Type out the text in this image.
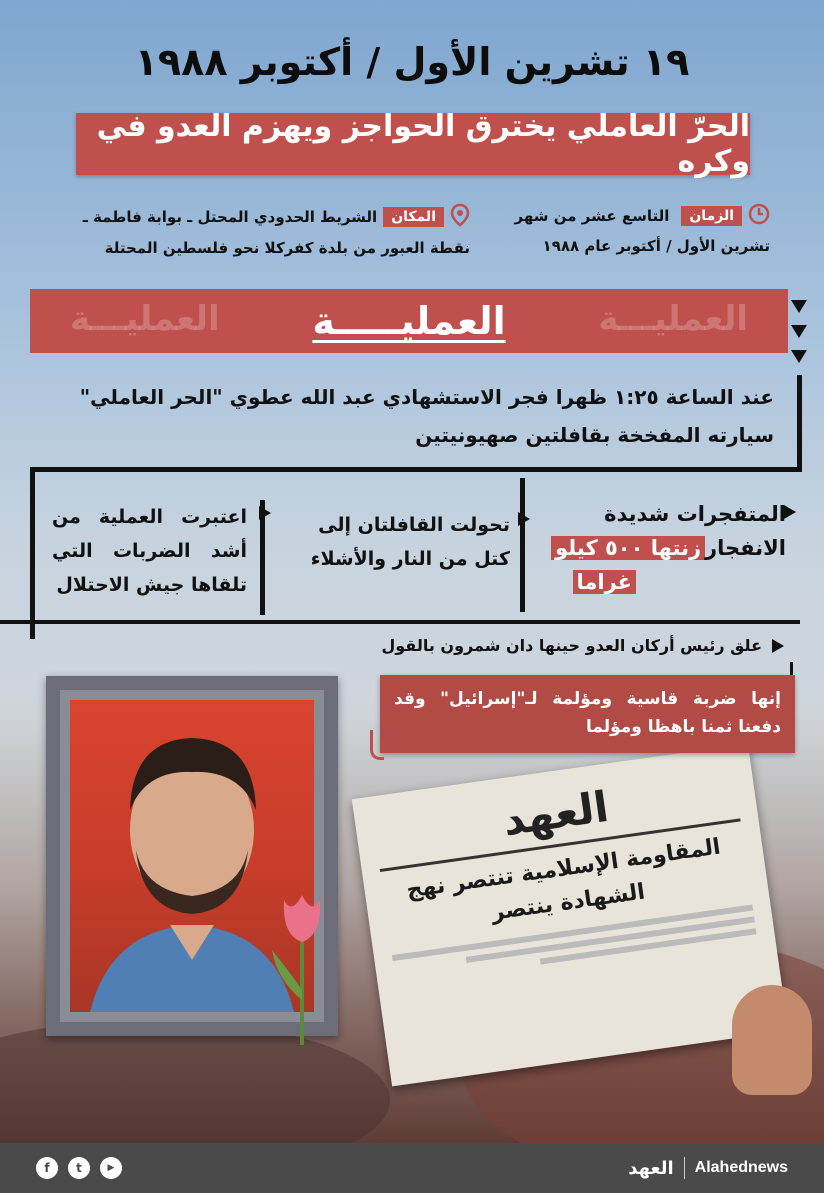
العهد
المقاومة الإسلامية تنتصر نهج الشهادة ينتصر
١٩ تشرين الأول / أكتوبر ١٩٨٨
الحرّ العاملي يخترق الحواجز ويهزم العدو في وكره
الزمان
التاسع عشر من شهر
تشرين الأول / أكتوبر عام ١٩٨٨
المكان
الشريط الحدودي المحتل ـ بوابة فاطمة ـ
نقطة العبور من بلدة كفركلا نحو فلسطين المحتلة
العمليـــة
العمليـــة العمليـــــة
عند الساعة ١:٢٥ ظهرا فجر الاستشهادي عبد الله عطوي "الحر العاملي" سيارته المفخخة بقافلتين صهيونيتين
المتفجرات شديدة
الانفجارزنتها ٥٠٠ كيلو
غراما
تحولت القافلتان إلى كتل من النار والأشلاء
اعتبرت العملية من أشد الضربات التي تلقاها جيش الاحتلال
علق رئيس أركان العدو حينها دان شمرون بالقول
إنها ضربة قاسية ومؤلمة لـ"إسرائيل" وقد دفعنا ثمنا باهظا ومؤلما
f	t	▶	العهد Alahednews
